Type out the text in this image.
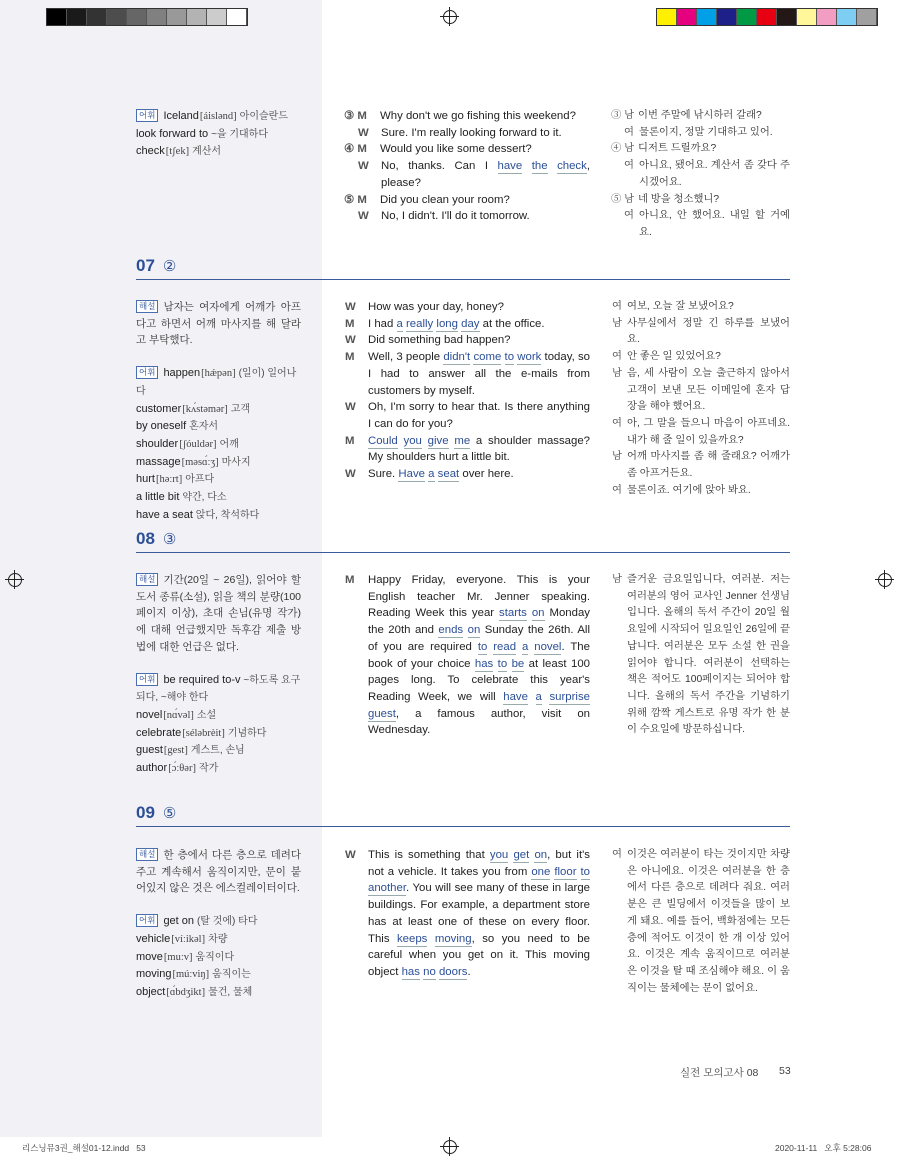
어휘 Iceland[áislənd] 아이슬란드
look forward to ~을 기대하다
check[tʃek] 계산서
③ M	Why don't we go fishing this weekend?
W	Sure. I'm really looking forward to it.
④ M	Would you like some dessert?
W	No, thanks. Can I have the check, please?
⑤ M	Did you clean your room?
W	No, I didn't. I'll do it tomorrow.
③ 남 이번 주말에 낚시하러 갈래?
여 물론이지, 정말 기대하고 있어.
④ 남 디저트 드릴까요?
여 아니요, 됐어요. 계산서 좀 갖다 주시겠어요.
⑤ 남 네 방을 청소했니?
여 아니요, 안 했어요. 내일 할 거예요.
07 ②
해설 남자는 여자에게 어깨가 아프다고 하면서 어깨 마사지를 해 달라고 부탁했다.
어휘 happen[hǽpən] (일이) 일어나다
customer[kʌ́stəmər] 고객
by oneself 혼자서
shoulder[ʃóuldər] 어깨
massage[məsɑ́ːʒ] 마사지
hurt[həːrt] 아프다
a little bit 약간, 다소
have a seat 앉다, 착석하다
W	How was your day, honey?
M	I had a really long day at the office.
W	Did something bad happen?
M	Well, 3 people didn't come to work today, so I had to answer all the e-mails from customers by myself.
W	Oh, I'm sorry to hear that. Is there anything I can do for you?
M	Could you give me a shoulder massage? My shoulders hurt a little bit.
W	Sure. Have a seat over here.
여 여보, 오늘 잘 보냈어요?
남 사무실에서 정말 긴 하루를 보냈어요.
여 안 좋은 일 있었어요?
남 음, 세 사람이 오늘 출근하지 않아서 고객이 보낸 모든 이메일에 혼자 답장을 해야 했어요.
여 아, 그 말을 들으니 마음이 아프네요. 내가 해 줄 일이 있을까요?
남 어깨 마사지를 좀 해 줄래요? 어깨가 좀 아프거든요.
여 물론이죠. 여기에 앉아 봐요.
08 ③
해설 기간(20일 ~ 26일), 읽어야 할 도서 종류(소설), 읽을 책의 분량(100페이지 이상), 초대 손님(유명 작가)에 대해 언급했지만 독후감 제출 방법에 대한 언급은 없다.
어휘 be required to-v ~하도록 요구되다, ~해야 한다
novel[nɑ́vəl] 소설
celebrate[séləbrèit] 기념하다
guest[gest] 게스트, 손님
author[ɔ́ːθər] 작가
M	Happy Friday, everyone. This is your English teacher Mr. Jenner speaking. Reading Week this year starts on Monday the 20th and ends on Sunday the 26th. All of you are required to read a novel. The book of your choice has to be at least 100 pages long. To celebrate this year's Reading Week, we will have a surprise guest, a famous author, visit on Wednesday.
남 즐거운 금요일입니다, 여러분. 저는 여러분의 영어 교사인 Jenner 선생님입니다. 올해의 독서 주간이 20일 월요일에 시작되어 일요일인 26일에 끝납니다. 여러분은 모두 소설 한 권을 읽어야 합니다. 여러분이 선택하는 책은 적어도 100페이지는 되어야 합니다. 올해의 독서 주간을 기념하기 위해 깜짝 게스트로 유명 작가 한 분이 수요일에 방문하십니다.
09 ⑤
해설 한 층에서 다른 층으로 데려다주고 계속해서 움직이지만, 문이 붙어있지 않은 것은 에스컬레이터이다.
어휘 get on (탈 것에) 타다
vehicle[víːikəl] 차량
move[muːv] 움직이다
moving[múːviŋ] 움직이는
object[ɑ́bdʒikt] 물건, 물체
W	This is something that you get on, but it's not a vehicle. It takes you from one floor to another. You will see many of these in large buildings. For example, a department store has at least one of these on every floor. This keeps moving, so you need to be careful when you get on it. This moving object has no doors.
여 이것은 여러분이 타는 것이지만 차량은 아니에요. 이것은 여러분을 한 층에서 다른 층으로 데려다 줘요. 여러분은 큰 빌딩에서 이것들을 많이 보게 돼요. 예를 들어, 백화점에는 모든 층에 적어도 이것이 한 개 이상 있어요. 이것은 계속 움직이므로 여러분은 이것을 탈 때 조심해야 해요. 이 움직이는 물체에는 문이 없어요.
실전 모의고사 08 53
리스닝뮤3권_해설01-12.indd   53	2020-11-11   오후 5:28:06
